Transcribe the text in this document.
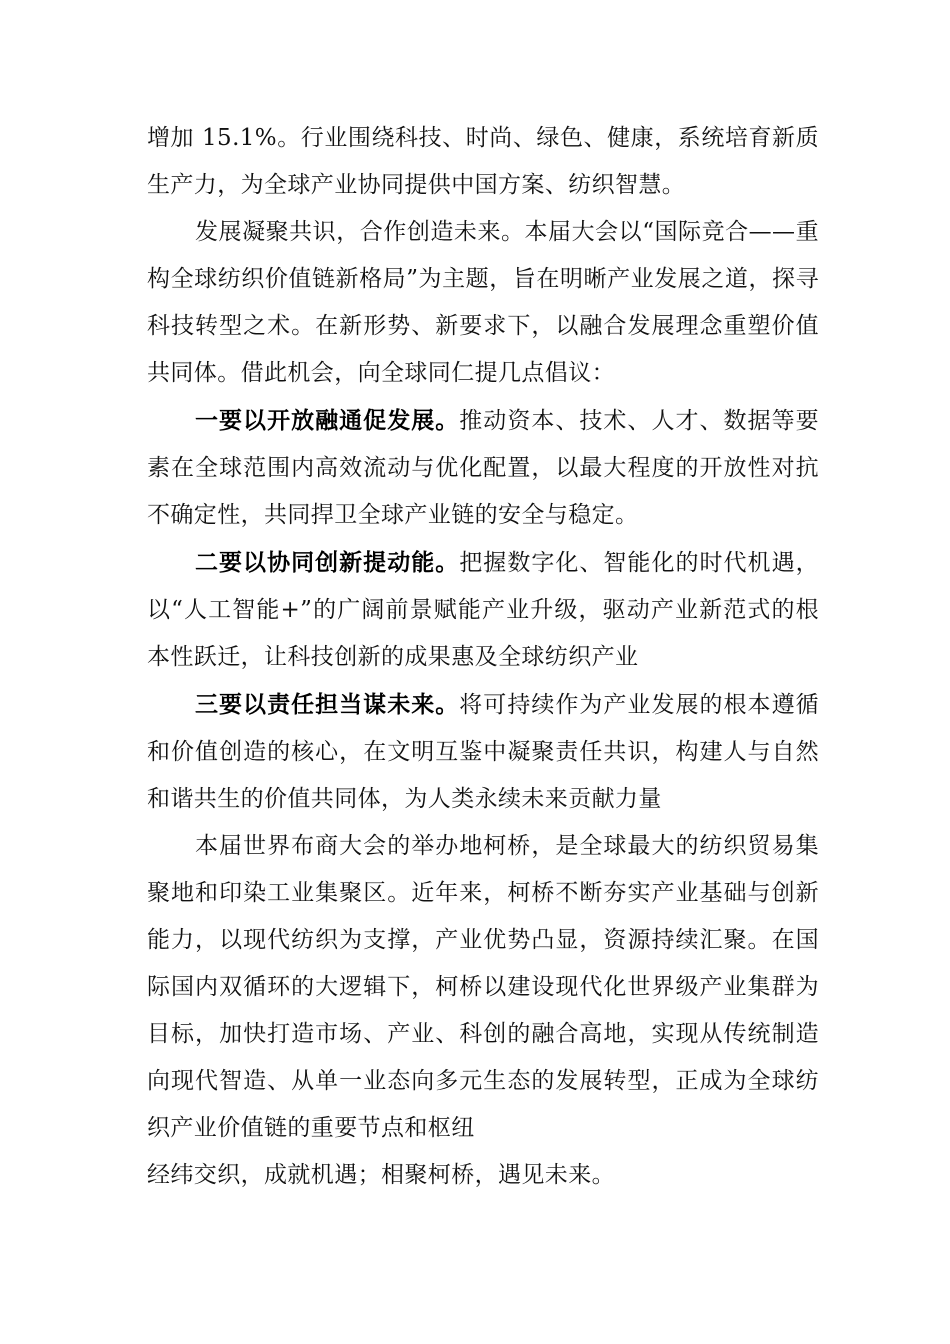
增加 15.1%。行业围绕科技、时尚、绿色、健康，系统培育新质生产力，为全球产业协同提供中国方案、纺织智慧。

发展凝聚共识，合作创造未来。本届大会以“国际竞合——重构全球纺织价值链新格局”为主题，旨在明晰产业发展之道，探寻科技转型之术。在新形势、新要求下，以融合发展理念重塑价值共同体。借此机会，向全球同仁提几点倡议：

一要以开放融通促发展。推动资本、技术、人才、数据等要素在全球范围内高效流动与优化配置，以最大程度的开放性对抗不确定性，共同捍卫全球产业链的安全与稳定。

二要以协同创新提动能。把握数字化、智能化的时代机遇，以“人工智能+”的广阔前景赋能产业升级，驱动产业新范式的根本性跃迁，让科技创新的成果惠及全球纺织产业

三要以责任担当谋未来。将可持续作为产业发展的根本遵循和价值创造的核心，在文明互鉴中凝聚责任共识，构建人与自然和谐共生的价值共同体，为人类永续未来贡献力量

本届世界布商大会的举办地柯桥，是全球最大的纺织贸易集聚地和印染工业集聚区。近年来，柯桥不断夯实产业基础与创新能力，以现代纺织为支撑，产业优势凸显，资源持续汇聚。在国际国内双循环的大逻辑下，柯桥以建设现代化世界级产业集群为目标，加快打造市场、产业、科创的融合高地，实现从传统制造向现代智造、从单一业态向多元生态的发展转型，正成为全球纺织产业价值链的重要节点和枢纽

经纬交织，成就机遇；相聚柯桥，遇见未来。
